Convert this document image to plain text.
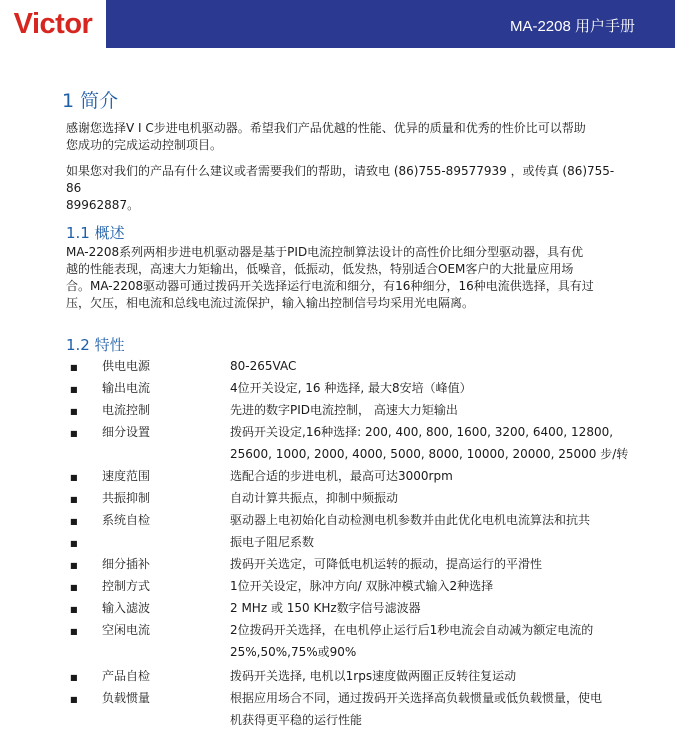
Victor	MA-2208 用户手册
1 简介
感谢您选择V I C步进电机驱动器。希望我们产品优越的性能、优异的质量和优秀的性价比可以帮助
您成功的完成运动控制项目。
如果您对我们的产品有什么建议或者需要我们的帮助，请致电 (86)755-89577939 ，或传真 (86)755-86
89962887。
1.1 概述
MA-2208系列两相步进电机驱动器是基于PID电流控制算法设计的高性价比细分型驱动器，具有优
越的性能表现，高速大力矩输出，低噪音，低振动，低发热，特别适合OEM客户的大批量应用场
合。MA-2208驱动器可通过拨码开关选择运行电流和细分，有16种细分，16种电流供选择，具有过
压，欠压，相电流和总线电流过流保护，输入输出控制信号均采用光电隔离。
1.2 特性
■ 供电电源	80-265VAC
■ 输出电流	4位开关设定, 16 种选择, 最大8安培（峰值）
■ 电流控制	先进的数字PID电流控制， 高速大力矩输出
■ 细分设置	拨码开关设定,16种选择: 200, 400, 800, 1600, 3200, 6400, 12800,
25600, 1000, 2000, 4000, 5000, 8000, 10000, 20000, 25000 步/转
■ 速度范围	选配合适的步进电机，最高可达3000rpm
■ 共振抑制	自动计算共振点，抑制中频振动
■ 系统自检	驱动器上电初始化自动检测电机参数并由此优化电机电流算法和抗共
■	振电子阻尼系数
■ 细分插补	拨码开关选定，可降低电机运转的振动，提高运行的平滑性
■ 控制方式	1位开关设定，脉冲方向/ 双脉冲模式输入2种选择
■ 输入滤波	2 MHz 或 150 KHz数字信号滤波器
■ 空闲电流	2位拨码开关选择，在电机停止运行后1秒电流会自动减为额定电流的
25%,50%,75%或90%
■ 产品自检	拨码开关选择, 电机以1rps速度做两圈正反转往复运动
■ 负载惯量	根据应用场合不同，通过拨码开关选择高负载惯量或低负载惯量，使电
机获得更平稳的运行性能
